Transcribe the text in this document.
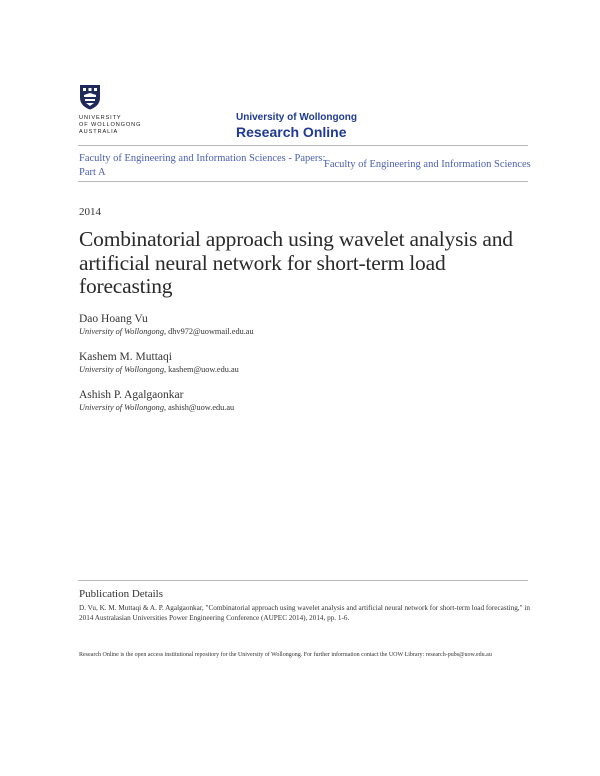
UNIVERSITY
OF WOLLONGONG
AUSTRALIA
University of Wollongong
Research Online
Faculty of Engineering and Information Sciences - Papers: Part A
Faculty of Engineering and Information Sciences
2014
Combinatorial approach using wavelet analysis and artificial neural network for short-term load forecasting
Dao Hoang Vu
University of Wollongong, dhv972@uowmail.edu.au
Kashem M. Muttaqi
University of Wollongong, kashem@uow.edu.au
Ashish P. Agalgaonkar
University of Wollongong, ashish@uow.edu.au
Publication Details
D. Vu, K. M. Muttaqi & A. P. Agalgaonkar, "Combinatorial approach using wavelet analysis and artificial neural network for short-term load forecasting," in 2014 Australasian Universities Power Engineering Conference (AUPEC 2014), 2014, pp. 1-6.
Research Online is the open access institutional repository for the University of Wollongong. For further information contact the UOW Library: research-pubs@uow.edu.au
